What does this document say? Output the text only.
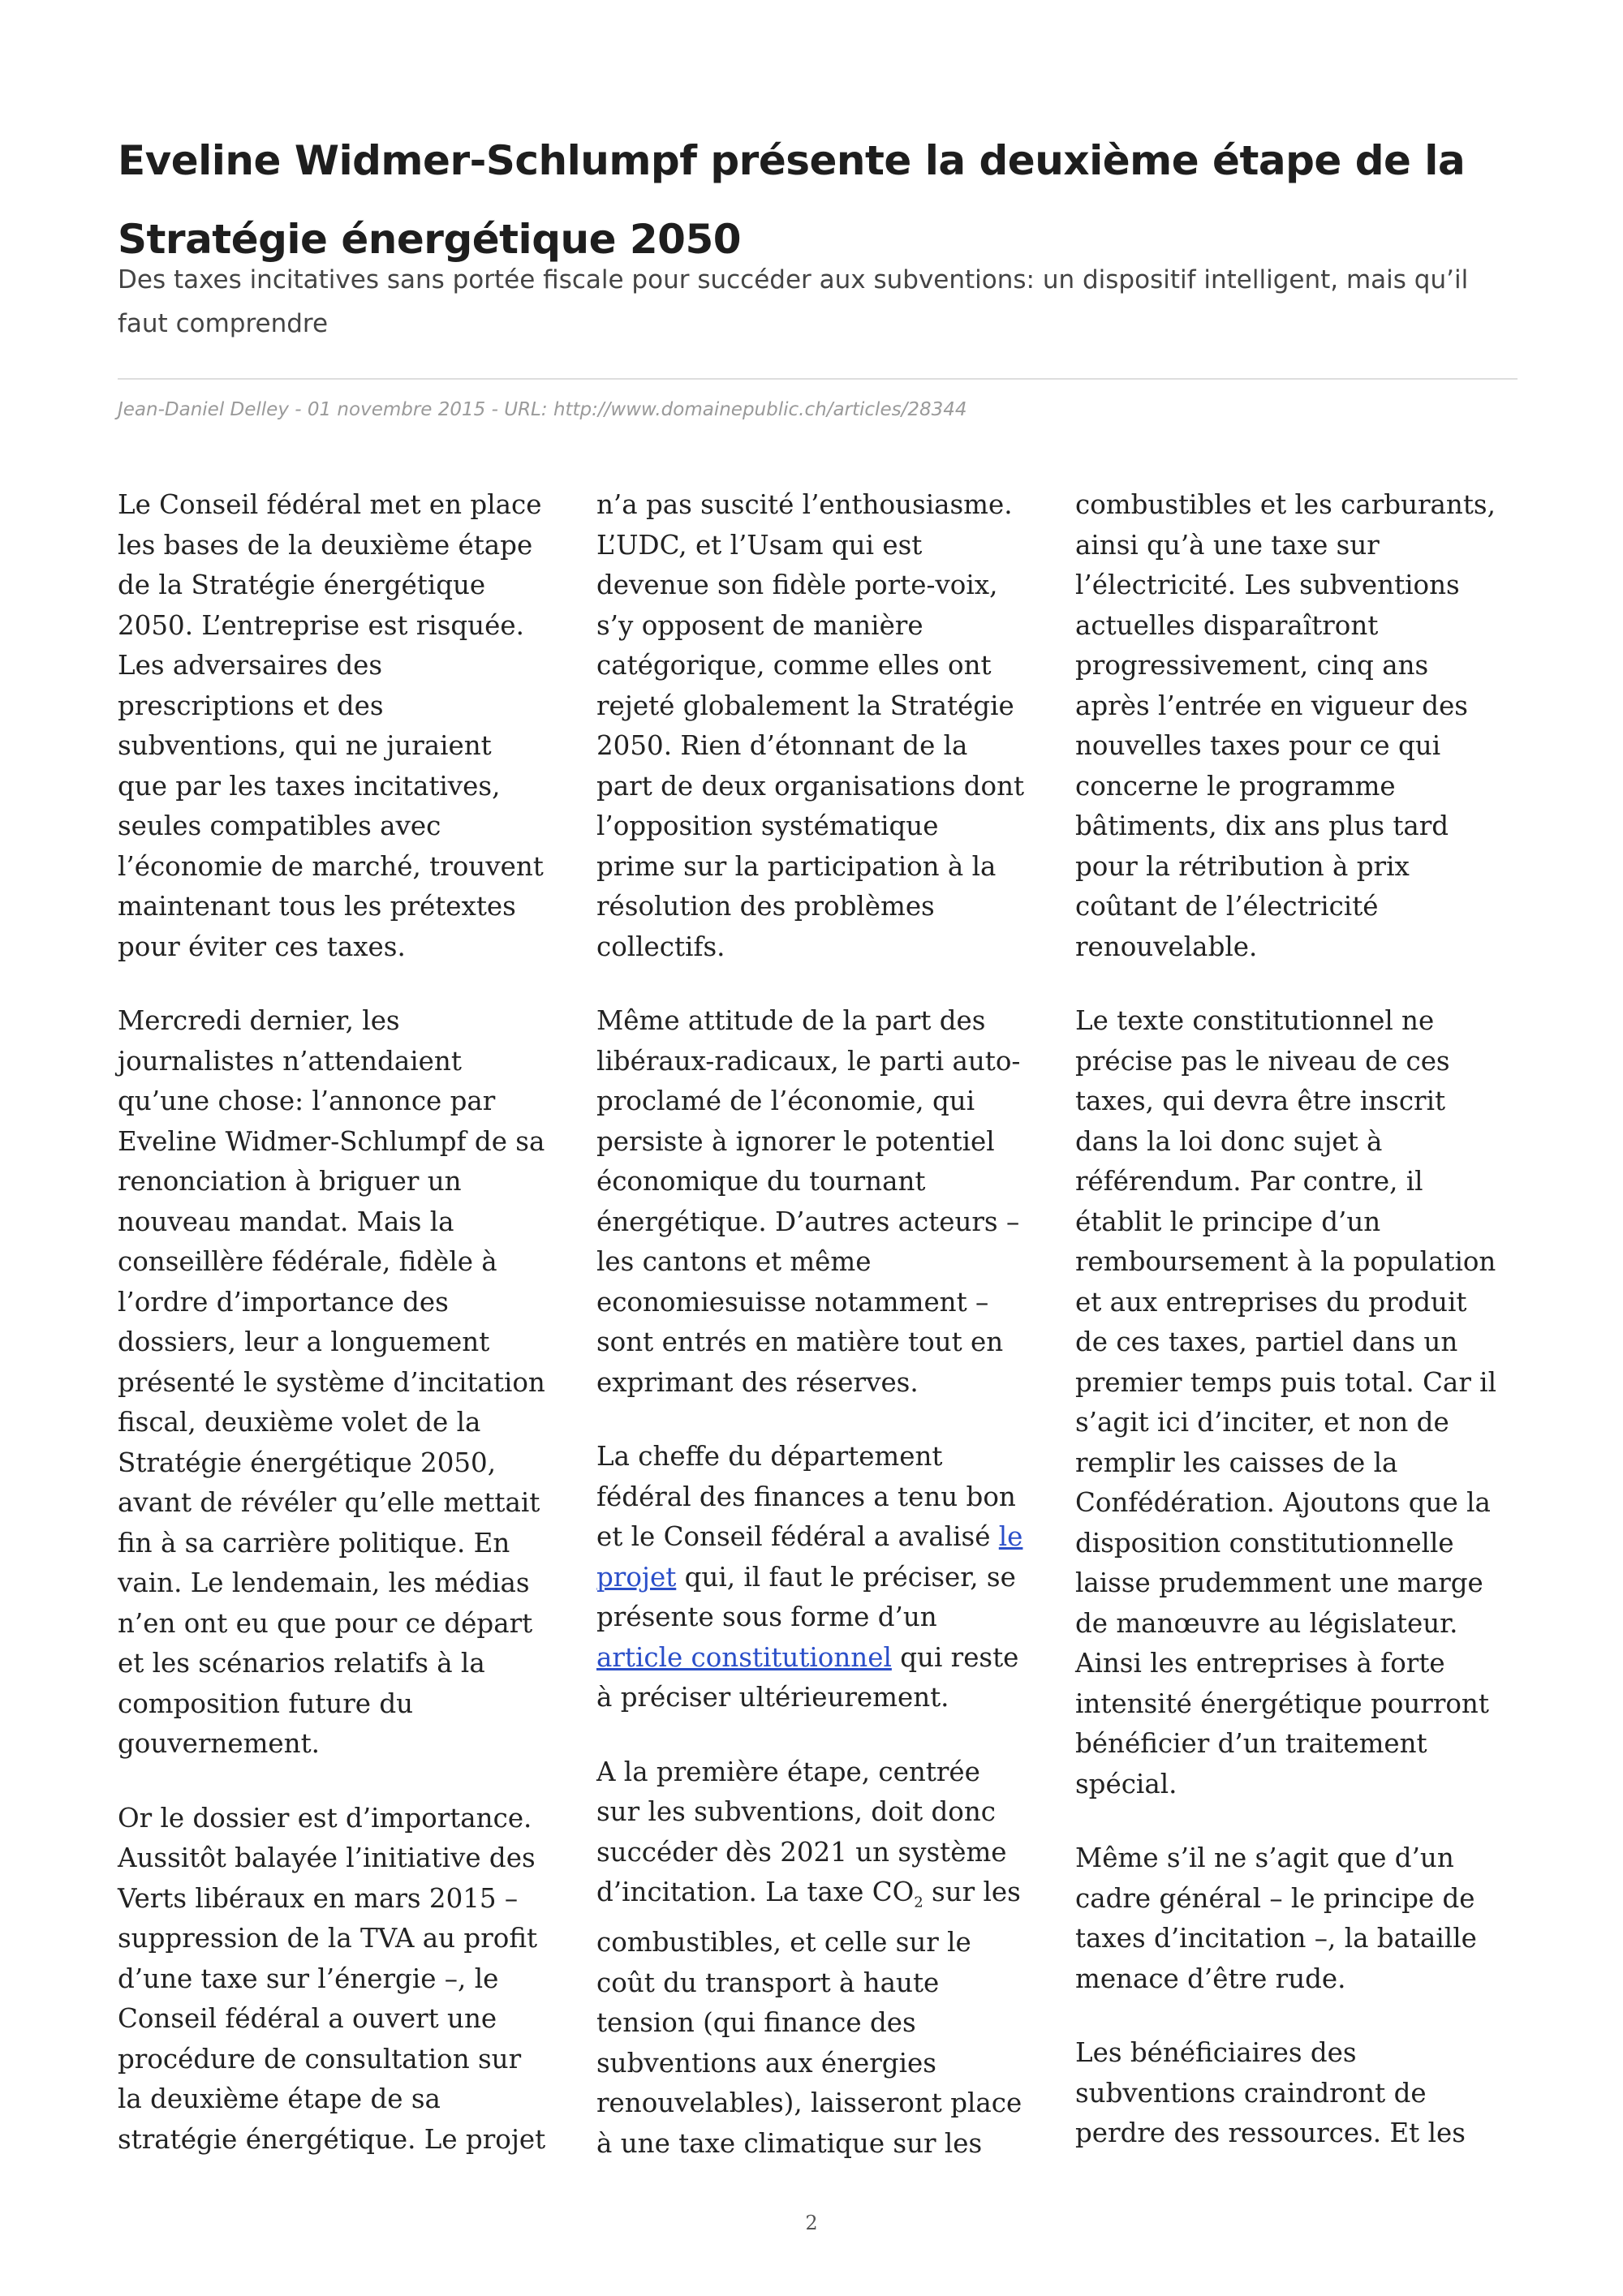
Eveline Widmer-Schlumpf présente la deuxième étape de la
Stratégie énergétique 2050

Des taxes incitatives sans portée fiscale pour succéder aux subventions: un dispositif intelligent, mais qu’il
faut comprendre

Jean-Daniel Delley - 01 novembre 2015 - URL: http://www.domainepublic.ch/articles/28344

Le Conseil fédéral met en place
les bases de la deuxième étape
de la Stratégie énergétique
2050. L’entreprise est risquée.
Les adversaires des
prescriptions et des
subventions, qui ne juraient
que par les taxes incitatives,
seules compatibles avec
l’économie de marché, trouvent
maintenant tous les prétextes
pour éviter ces taxes.

Mercredi dernier, les
journalistes n’attendaient
qu’une chose: l’annonce par
Eveline Widmer-Schlumpf de sa
renonciation à briguer un
nouveau mandat. Mais la
conseillère fédérale, fidèle à
l’ordre d’importance des
dossiers, leur a longuement
présenté le système d’incitation
fiscal, deuxième volet de la
Stratégie énergétique 2050,
avant de révéler qu’elle mettait
fin à sa carrière politique. En
vain. Le lendemain, les médias
n’en ont eu que pour ce départ
et les scénarios relatifs à la
composition future du
gouvernement.

Or le dossier est d’importance.
Aussitôt balayée l’initiative des
Verts libéraux en mars 2015 –
suppression de la TVA au profit
d’une taxe sur l’énergie –, le
Conseil fédéral a ouvert une
procédure de consultation sur
la deuxième étape de sa
stratégie énergétique. Le projet

n’a pas suscité l’enthousiasme.
L’UDC, et l’Usam qui est
devenue son fidèle porte-voix,
s’y opposent de manière
catégorique, comme elles ont
rejeté globalement la Stratégie
2050. Rien d’étonnant de la
part de deux organisations dont
l’opposition systématique
prime sur la participation à la
résolution des problèmes
collectifs.

Même attitude de la part des
libéraux-radicaux, le parti auto-
proclamé de l’économie, qui
persiste à ignorer le potentiel
économique du tournant
énergétique. D’autres acteurs –
les cantons et même
economiesuisse notamment –
sont entrés en matière tout en
exprimant des réserves.

La cheffe du département
fédéral des finances a tenu bon
et le Conseil fédéral a avalisé le
projet qui, il faut le préciser, se
présente sous forme d’un
article constitutionnel qui reste
à préciser ultérieurement.

A la première étape, centrée
sur les subventions, doit donc
succéder dès 2021 un système
d’incitation. La taxe $CO_2$ sur les
combustibles, et celle sur le
coût du transport à haute
tension (qui finance des
subventions aux énergies
renouvelables), laisseront place
à une taxe climatique sur les

combustibles et les carburants,
ainsi qu’à une taxe sur
l’électricité. Les subventions
actuelles disparaîtront
progressivement, cinq ans
après l’entrée en vigueur des
nouvelles taxes pour ce qui
concerne le programme
bâtiments, dix ans plus tard
pour la rétribution à prix
coûtant de l’électricité
renouvelable.

Le texte constitutionnel ne
précise pas le niveau de ces
taxes, qui devra être inscrit
dans la loi donc sujet à
référendum. Par contre, il
établit le principe d’un
remboursement à la population
et aux entreprises du produit
de ces taxes, partiel dans un
premier temps puis total. Car il
s’agit ici d’inciter, et non de
remplir les caisses de la
Confédération. Ajoutons que la
disposition constitutionnelle
laisse prudemment une marge
de manœuvre au législateur.
Ainsi les entreprises à forte
intensité énergétique pourront
bénéficier d’un traitement
spécial.

Même s’il ne s’agit que d’un
cadre général – le principe de
taxes d’incitation –, la bataille
menace d’être rude.

Les bénéficiaires des
subventions craindront de
perdre des ressources. Et les

2
